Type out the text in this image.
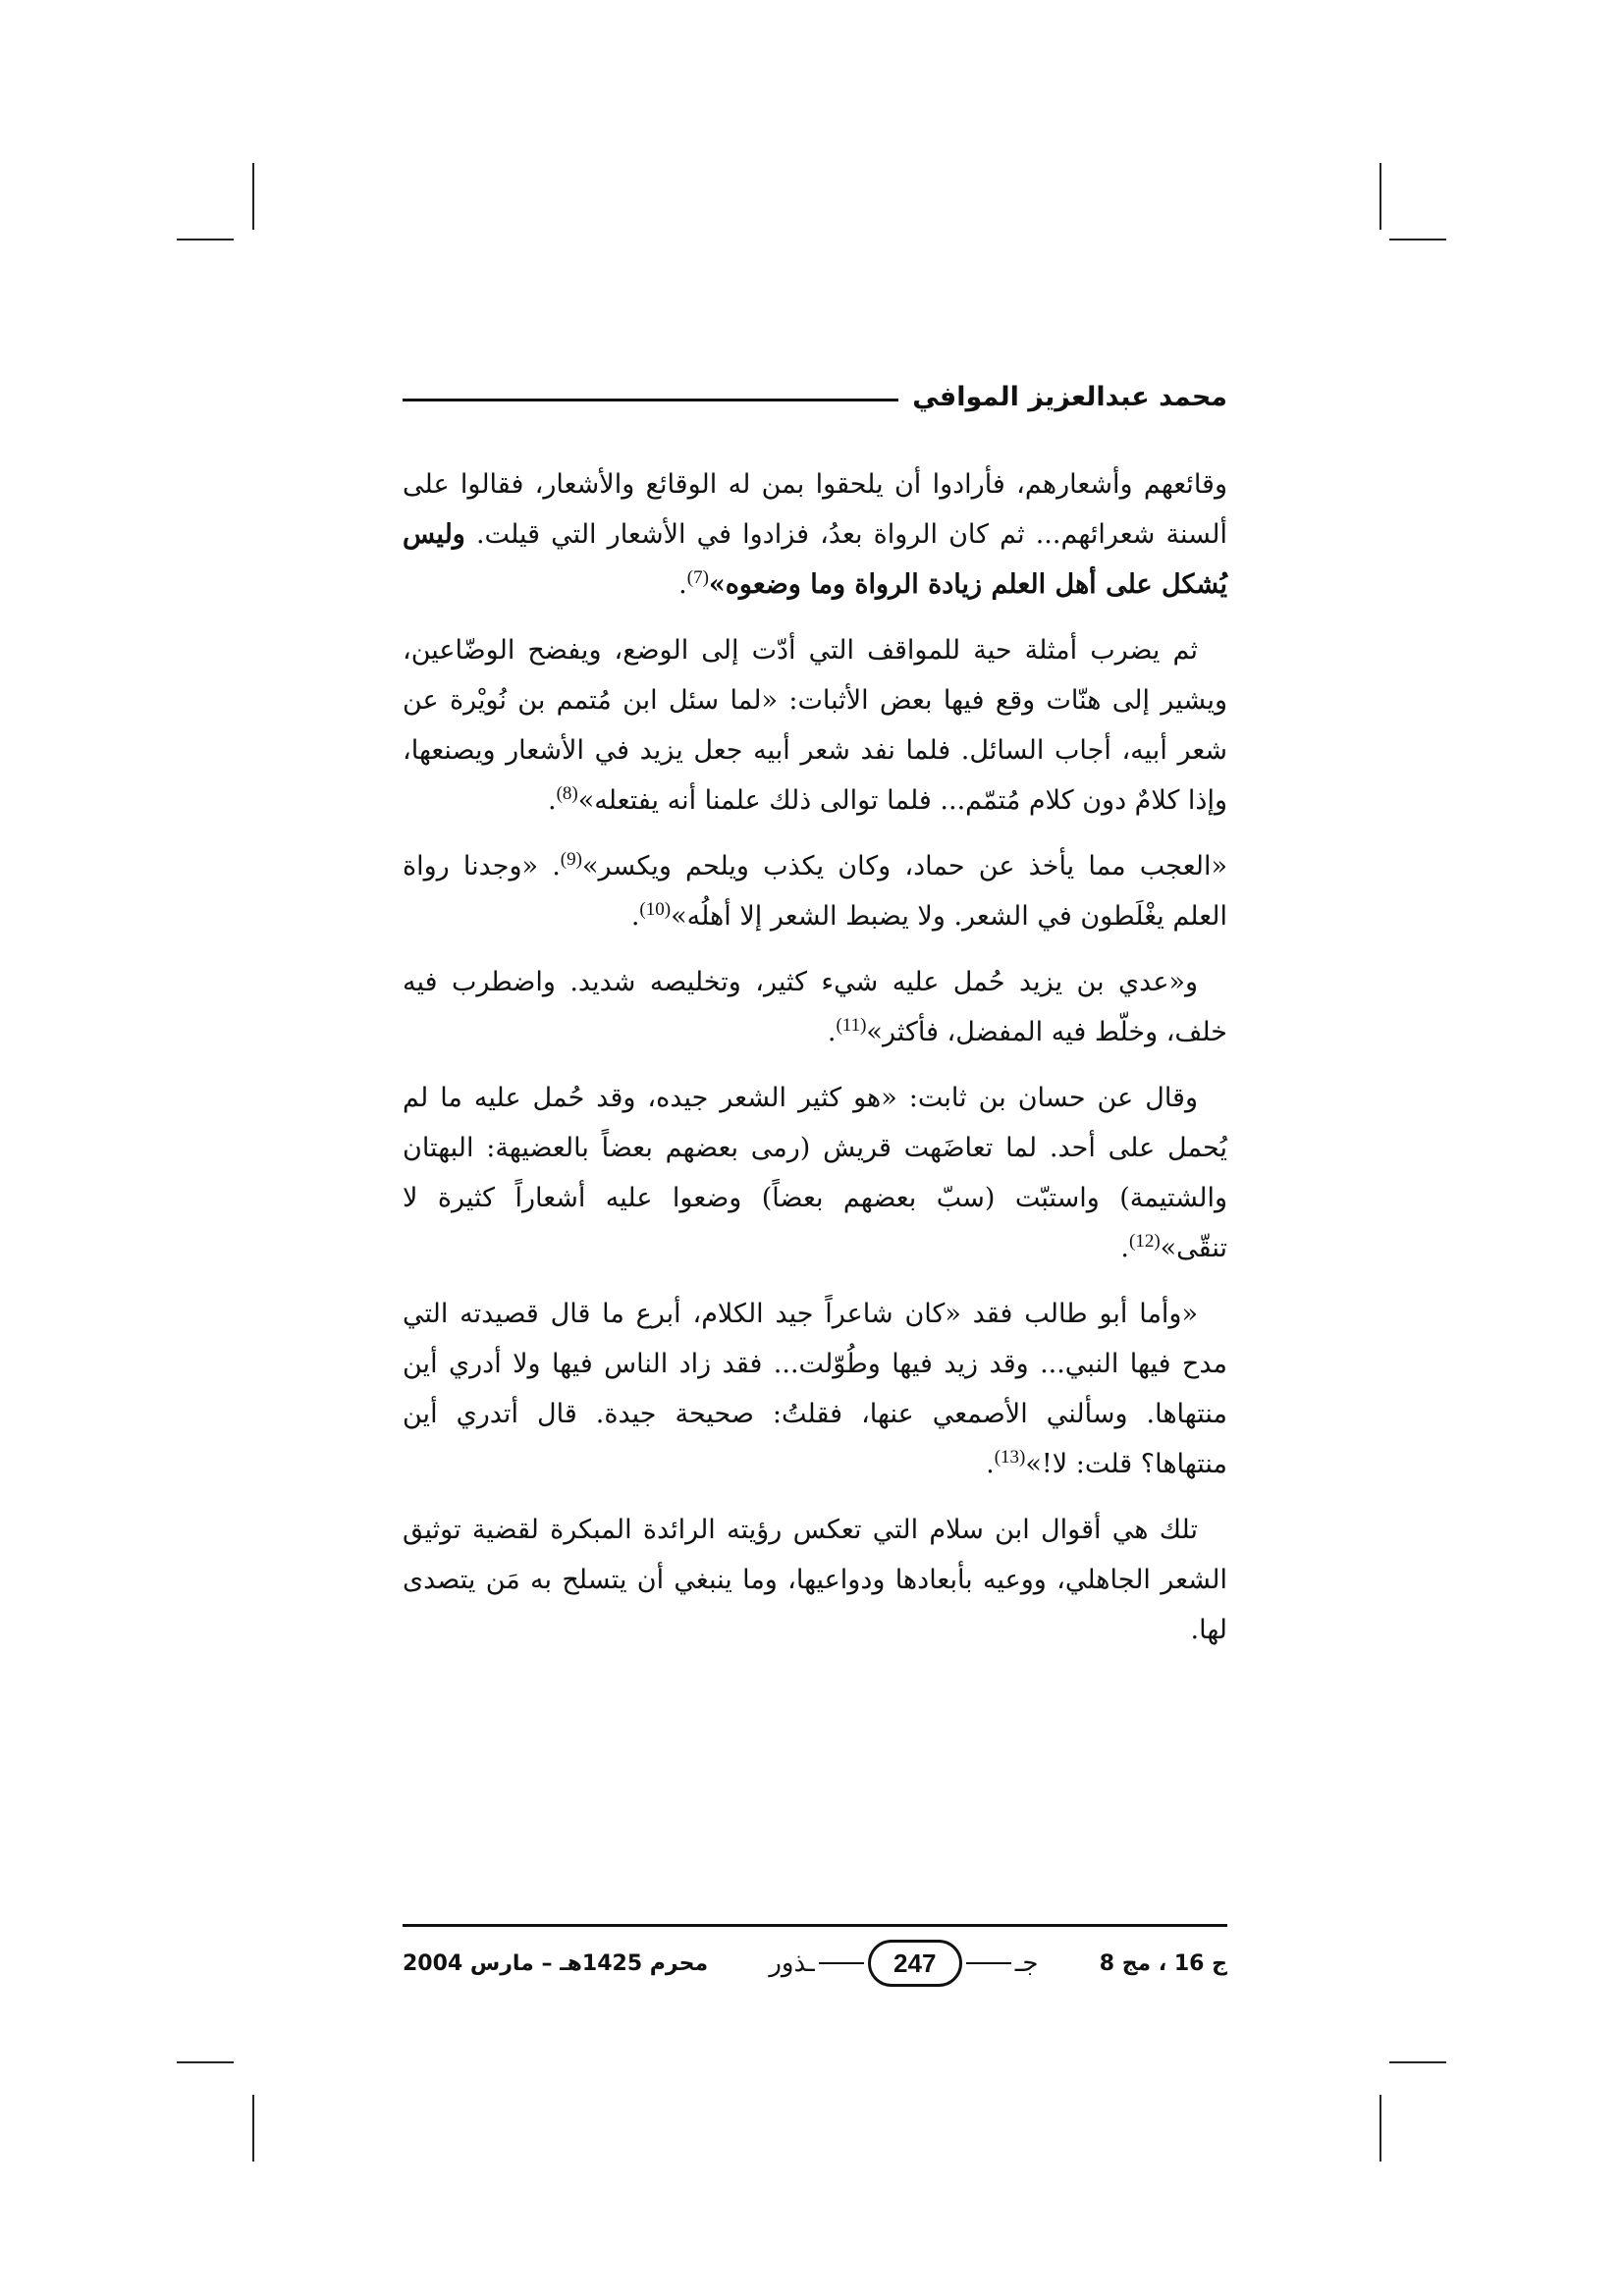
محمد عبدالعزيز الموافي

وقائعهم وأشعارهم، فأرادوا أن يلحقوا بمن له الوقائع والأشعار، فقالوا على ألسنة شعرائهم... ثم كان الرواة بعدُ، فزادوا في الأشعار التي قيلت. وليس يُشكل على أهل العلم زيادة الرواة وما وضعوه»$^{(7)}$.

ثم يضرب أمثلة حية للمواقف التي أدّت إلى الوضع، ويفضح الوضّاعين، ويشير إلى هنّات وقع فيها بعض الأثبات: «لما سئل ابن مُتمم بن نُويْرة عن شعر أبيه، أجاب السائل. فلما نفد شعر أبيه جعل يزيد في الأشعار ويصنعها، وإذا كلامٌ دون كلام مُتمّم... فلما توالى ذلك علمنا أنه يفتعله»$^{(8)}$.

«العجب مما يأخذ عن حماد، وكان يكذب ويلحم ويكسر»$^{(9)}$. «وجدنا رواة العلم يغْلَطون في الشعر. ولا يضبط الشعر إلا أهلُه»$^{(10)}$.

و«عدي بن يزيد حُمل عليه شيء كثير، وتخليصه شديد. واضطرب فيه خلف، وخلّط فيه المفضل، فأكثر»$^{(11)}$.

وقال عن حسان بن ثابت: «هو كثير الشعر جيده، وقد حُمل عليه ما لم يُحمل على أحد. لما تعاضَهت قريش (رمى بعضهم بعضاً بالعضيهة: البهتان والشتيمة) واستبّت (سبّ بعضهم بعضاً) وضعوا عليه أشعاراً كثيرة لا تنقّى»$^{(12)}$.

«وأما أبو طالب فقد «كان شاعراً جيد الكلام، أبرع ما قال قصيدته التي مدح فيها النبي... وقد زيد فيها وطُوّلت... فقد زاد الناس فيها ولا أدري أين منتهاها. وسألني الأصمعي عنها، فقلتُ: صحيحة جيدة. قال أتدري أين منتهاها؟ قلت: لا!»$^{(13)}$.

تلك هي أقوال ابن سلام التي تعكس رؤيته الرائدة المبكرة لقضية توثيق الشعر الجاهلي، ووعيه بأبعادها ودواعيها، وما ينبغي أن يتسلح به مَن يتصدى لها.

ج 16 ، مج 8
جـ
247
ـذور
محرم 1425هـ – مارس 2004
